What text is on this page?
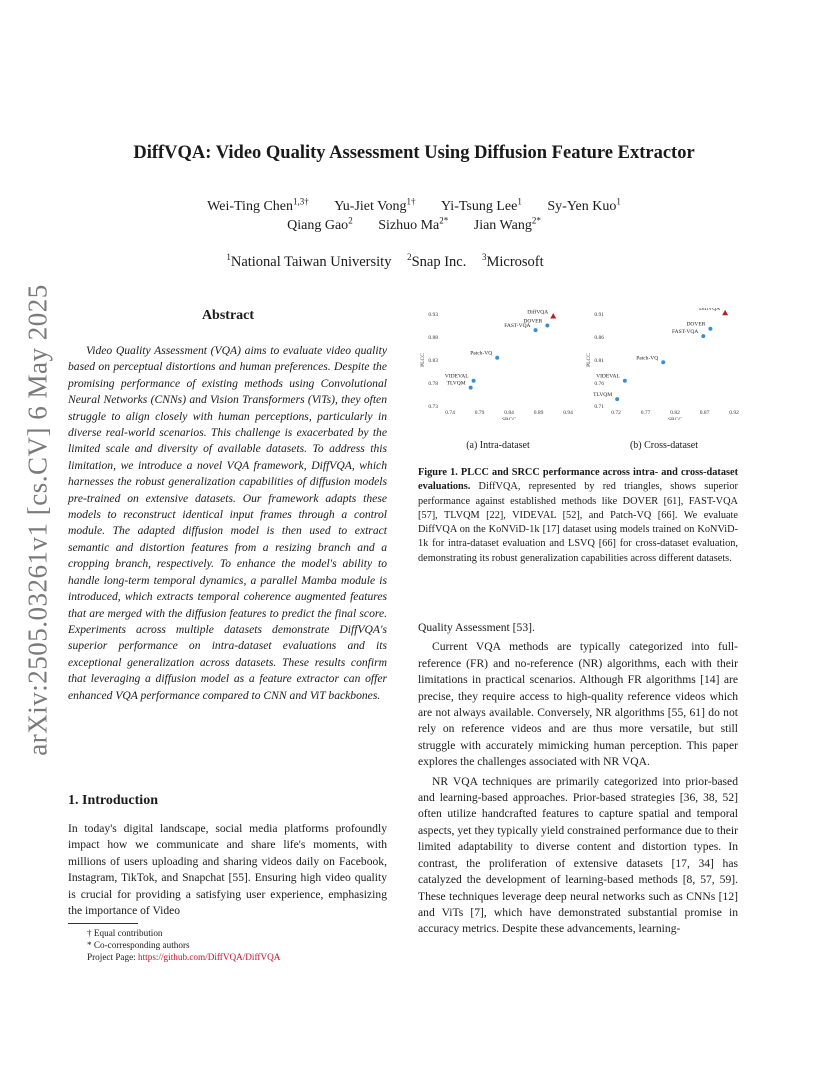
arXiv:2505.03261v1 [cs.CV] 6 May 2025
DiffVQA: Video Quality Assessment Using Diffusion Feature Extractor
Wei-Ting Chen$^{1,3\dagger}$ Yu-Jiet Vong$^{1\dagger}$ Yi-Tsung Lee$^1$ Sy-Yen Kuo$^1$
Qiang Gao$^2$ Sizhuo $Ma^{2*}$ Jian Wang$^{2*}$
$^1$National Taiwan University $^2$Snap Inc. $^3$Microsoft
Abstract
Video Quality Assessment (VQA) aims to evaluate video quality based on perceptual distortions and human preferences. Despite the promising performance of existing methods using Convolutional Neural Networks (CNNs) and Vision Transformers (ViTs), they often struggle to align closely with human perceptions, particularly in diverse real-world scenarios. This challenge is exacerbated by the limited scale and diversity of available datasets. To address this limitation, we introduce a novel VQA framework, DiffVQA, which harnesses the robust generalization capabilities of diffusion models pre-trained on extensive datasets. Our framework adapts these models to reconstruct identical input frames through a control module. The adapted diffusion model is then used to extract semantic and distortion features from a resizing branch and a cropping branch, respectively. To enhance the model's ability to handle long-term temporal dynamics, a parallel Mamba module is introduced, which extracts temporal coherence augmented features that are merged with the diffusion features to predict the final score. Experiments across multiple datasets demonstrate DiffVQA's superior performance on intra-dataset evaluations and its exceptional generalization across datasets. These results confirm that leveraging a diffusion model as a feature extractor can offer enhanced VQA performance compared to CNN and ViT backbones.
1. Introduction
In today's digital landscape, social media platforms profoundly impact how we communicate and share life's moments, with millions of users uploading and sharing videos daily on Facebook, Instagram, TikTok, and Snapchat [55]. Ensuring high video quality is crucial for providing a satisfying user experience, emphasizing the importance of Video
† Equal contribution
* Co-corresponding authors
Project Page: https://github.com/DiffVQA/DiffVQA
0.73
0.78
0.83
0.88
0.93
0.74	0.79	0.84	0.89	0.94
SRCC
PLCC
DiffVQA
DOVER
FAST-VQA
Patch-VQ
VIDEVAL
TLVQM
(a) Intra-dataset
0.71
0.76
0.81
0.86
0.91
0.72	0.77	0.82	0.87	0.92
SRCC
PLCC
DiffVQA
DOVER
FAST-VQA
Patch-VQ
VIDEVAL
TLVQM
(b) Cross-dataset
Figure 1. PLCC and SRCC performance across intra- and cross-dataset evaluations. DiffVQA, represented by red triangles, shows superior performance against established methods like DOVER [61], FAST-VQA [57], TLVQM [22], VIDEVAL [52], and Patch-VQ [66]. We evaluate DiffVQA on the KoNViD-1k [17] dataset using models trained on KoNViD-1k for intra-dataset evaluation and LSVQ [66] for cross-dataset evaluation, demonstrating its robust generalization capabilities across different datasets.

Quality Assessment [53].

Current VQA methods are typically categorized into full-reference (FR) and no-reference (NR) algorithms, each with their limitations in practical scenarios. Although FR algorithms [14] are precise, they require access to high-quality reference videos which are not always available. Conversely, NR algorithms [55, 61] do not rely on reference videos and are thus more versatile, but still struggle with accurately mimicking human perception. This paper explores the challenges associated with NR VQA.

NR VQA techniques are primarily categorized into prior-based and learning-based approaches. Prior-based strategies [36, 38, 52] often utilize handcrafted features to capture spatial and temporal aspects, yet they typically yield constrained performance due to their limited adaptability to diverse content and distortion types. In contrast, the proliferation of extensive datasets [17, 34] has catalyzed the development of learning-based methods [8, 57, 59]. These techniques leverage deep neural networks such as CNNs [12] and ViTs [7], which have demonstrated substantial promise in accuracy metrics. Despite these advancements, learning-
